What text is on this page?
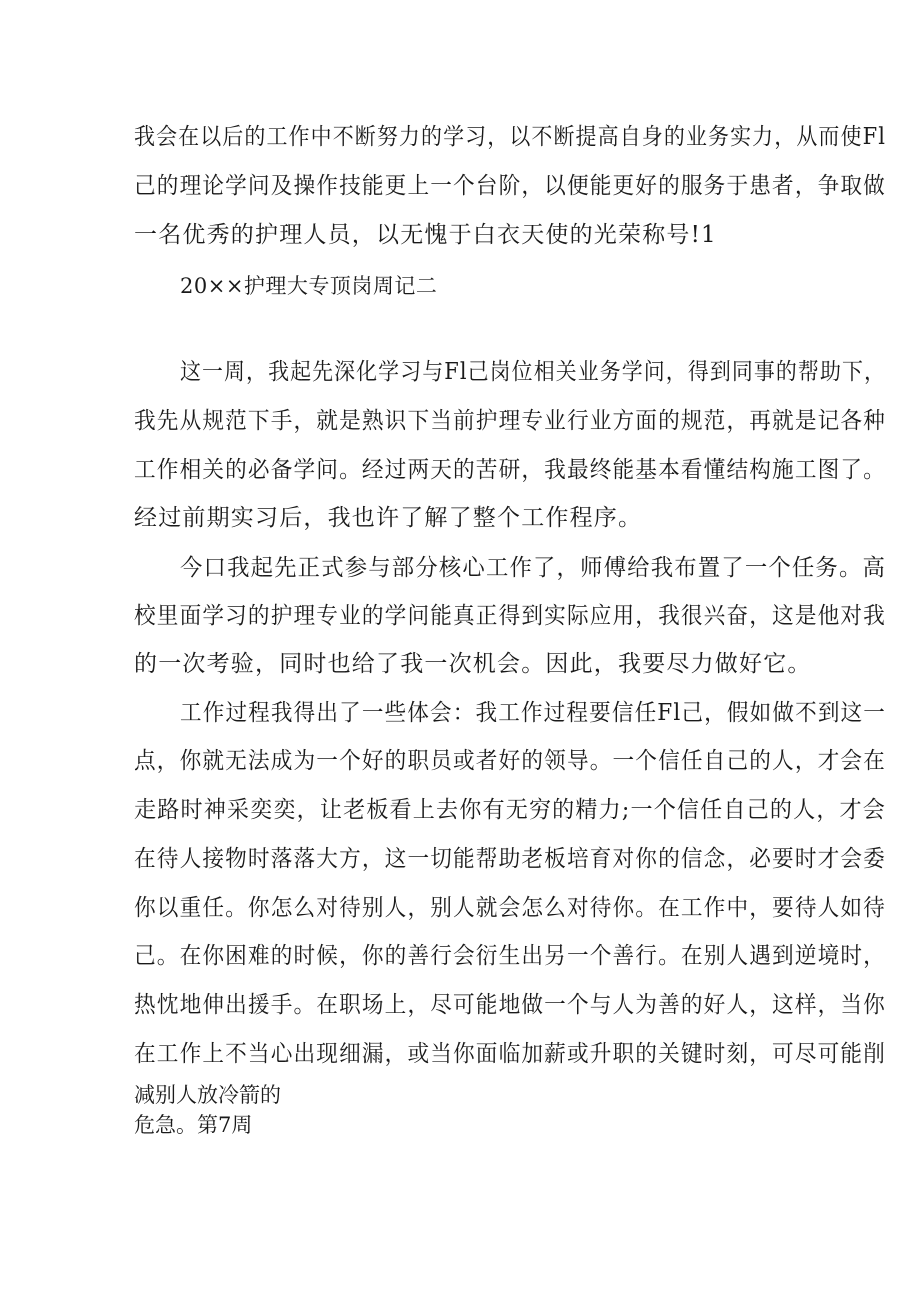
我会在以后的工作中不断努力的学习，以不断提高自身的业务实力，从而使Fl
己的理论学问及操作技能更上一个台阶，以便能更好的服务于患者，争取做
一名优秀的护理人员，以无愧于白衣天使的光荣称号!1
20××护理大专顶岗周记二
这一周，我起先深化学习与Fl己岗位相关业务学问，得到同事的帮助下，
我先从规范下手，就是熟识下当前护理专业行业方面的规范，再就是记各种
工作相关的必备学问。经过两天的苦研，我最终能基本看懂结构施工图了。
经过前期实习后，我也许了解了整个工作程序。
今口我起先正式参与部分核心工作了，师傅给我布置了一个任务。高
校里面学习的护理专业的学问能真正得到实际应用，我很兴奋，这是他对我
的一次考验，同时也给了我一次机会。因此，我要尽力做好它。
工作过程我得出了一些体会：我工作过程要信任Fl己，假如做不到这一
点，你就无法成为一个好的职员或者好的领导。一个信任自己的人，才会在
走路时神采奕奕，让老板看上去你有无穷的精力;一个信任自己的人，才会
在待人接物时落落大方，这一切能帮助老板培育对你的信念，必要时才会委
你以重任。你怎么对待别人，别人就会怎么对待你。在工作中，要待人如待
己。在你困难的时候，你的善行会衍生出另一个善行。在别人遇到逆境时，
热忱地伸出援手。在职场上，尽可能地做一个与人为善的好人，这样，当你
在工作上不当心出现细漏，或当你面临加薪或升职的关键时刻，可尽可能削
减别人放冷箭的
危急。第7周
